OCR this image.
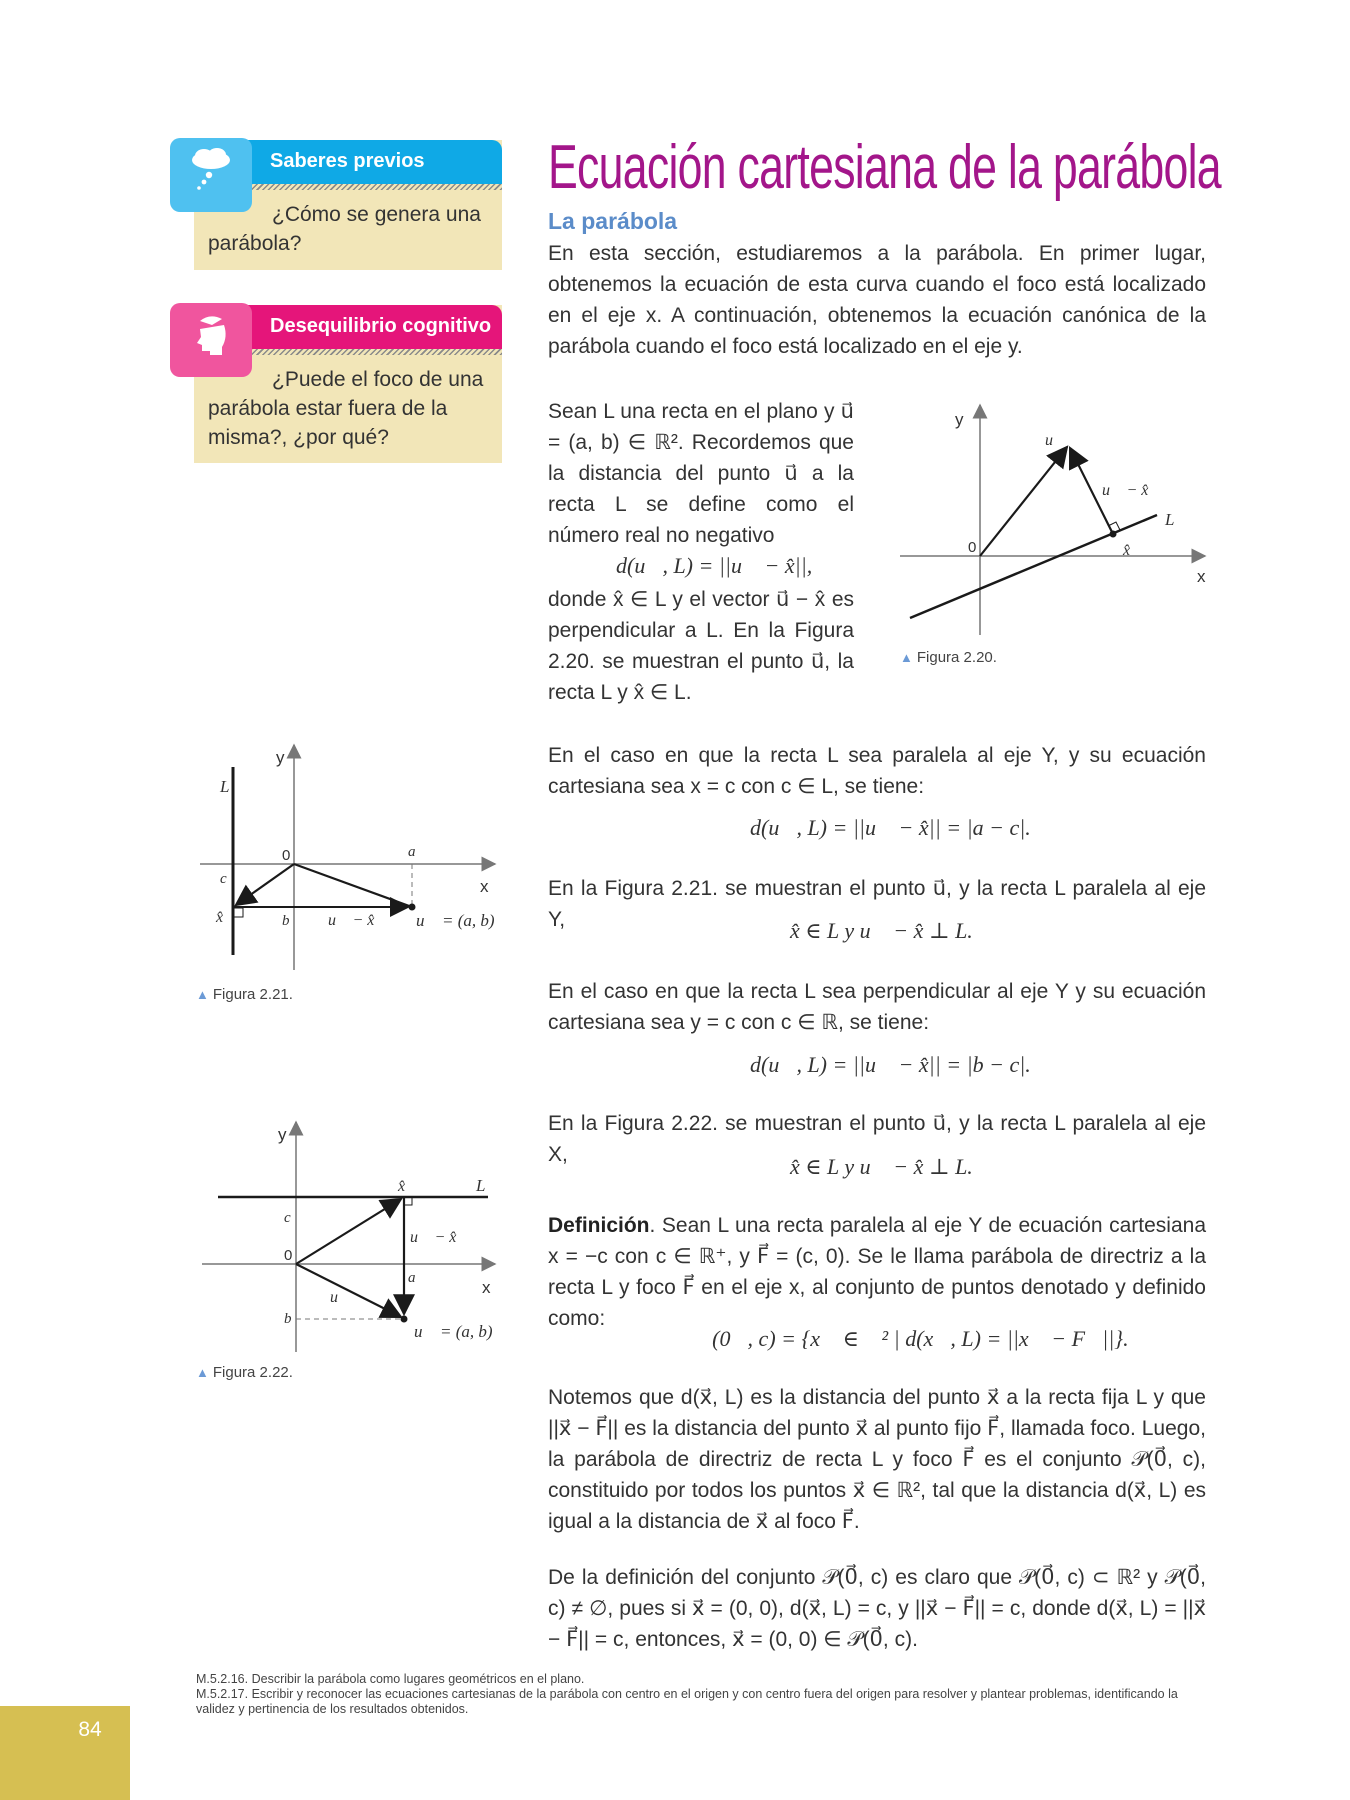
Saberes previos
¿Cómo se genera una parábola?
Desequilibrio cognitivo
¿Puede el foco de una parábola estar fuera de la misma?, ¿por qué?
Ecuación cartesiana de la parábola
La parábola
En esta sección, estudiaremos a la parábola. En primer lugar, obtenemos la ecuación de esta curva cuando el foco está localizado en el eje x. A continuación, obtenemos la ecuación canónica de la parábola cuando el foco está localizado en el eje y.
Sean L una recta en el plano y u⃗ = (a, b) ∈ ℝ². Recordemos que la distancia del punto u⃗ a la recta L se define como el número real no negativo
d(u⃗, L) = ||u⃗ − x̂||,
donde x̂ ∈ L y el vector u⃗ − x̂ es perpendicular a L. En la Figura 2.20. se muestran el punto u⃗, la recta L y x̂ ∈ L.
y
x
0
u⃗
u⃗ − x̂
L
x̂
▲ Figura 2.20.
En el caso en que la recta L sea paralela al eje Y, y su ecuación cartesiana sea x = c con c ∈ L, se tiene:
d(u⃗, L) = ||u⃗ − x̂|| = |a − c|.
En la Figura 2.21. se muestran el punto u⃗, y la recta L paralela al eje Y,	x̂ ∈ L y u⃗ − x̂ ⊥ L.
y
x
0
L
a
c
x̂	b u⃗ − x̂ u⃗ = (a, b)
▲ Figura 2.21.	En el caso en que la recta L sea perpendicular al eje Y y su ecuación cartesiana sea y = c con c ∈ ℝ, se tiene:
d(u⃗, L) = ||u⃗ − x̂|| = |b − c|.
En la Figura 2.22. se muestran el punto u⃗, y la recta L paralela al eje X,	x̂ ∈ L y u⃗ − x̂ ⊥ L.
y
x
0
x̂	L
c
u⃗ − x̂
a
u⃗
b
u⃗ = (a, b)
▲ Figura 2.22.
Definición. Sean L una recta paralela al eje Y de ecuación cartesiana x = −c con c ∈ ℝ⁺, y F⃗ = (c, 0). Se le llama parábola de directriz a la recta L y foco F⃗ en el eje x, al conjunto de puntos denotado y definido como:
𝒫(0⃗, c) = {x⃗ ∈ ℝ² | d(x⃗, L) = ||x⃗ − F⃗||}.
Notemos que d(x⃗, L) es la distancia del punto x⃗ a la recta fija L y que ||x⃗ − F⃗|| es la distancia del punto x⃗ al punto fijo F⃗, llamada foco. Luego, la parábola de directriz de recta L y foco F⃗ es el conjunto 𝒫(0⃗, c), constituido por todos los puntos x⃗ ∈ ℝ², tal que la distancia d(x⃗, L) es igual a la distancia de x⃗ al foco F⃗.
De la definición del conjunto 𝒫(0⃗, c) es claro que 𝒫(0⃗, c) ⊂ ℝ² y 𝒫(0⃗, c) ≠ ∅, pues si x⃗ = (0, 0), d(x⃗, L) = c, y ||x⃗ − F⃗|| = c, donde d(x⃗, L) = ||x⃗ − F⃗|| = c, entonces, x⃗ = (0, 0) ∈ 𝒫(0⃗, c).
M.5.2.16. Describir la parábola como lugares geométricos en el plano.
M.5.2.17. Escribir y reconocer las ecuaciones cartesianas de la parábola con centro en el origen y con centro fuera del origen para resolver y plantear problemas, identificando la validez y pertinencia de los resultados obtenidos.
84
